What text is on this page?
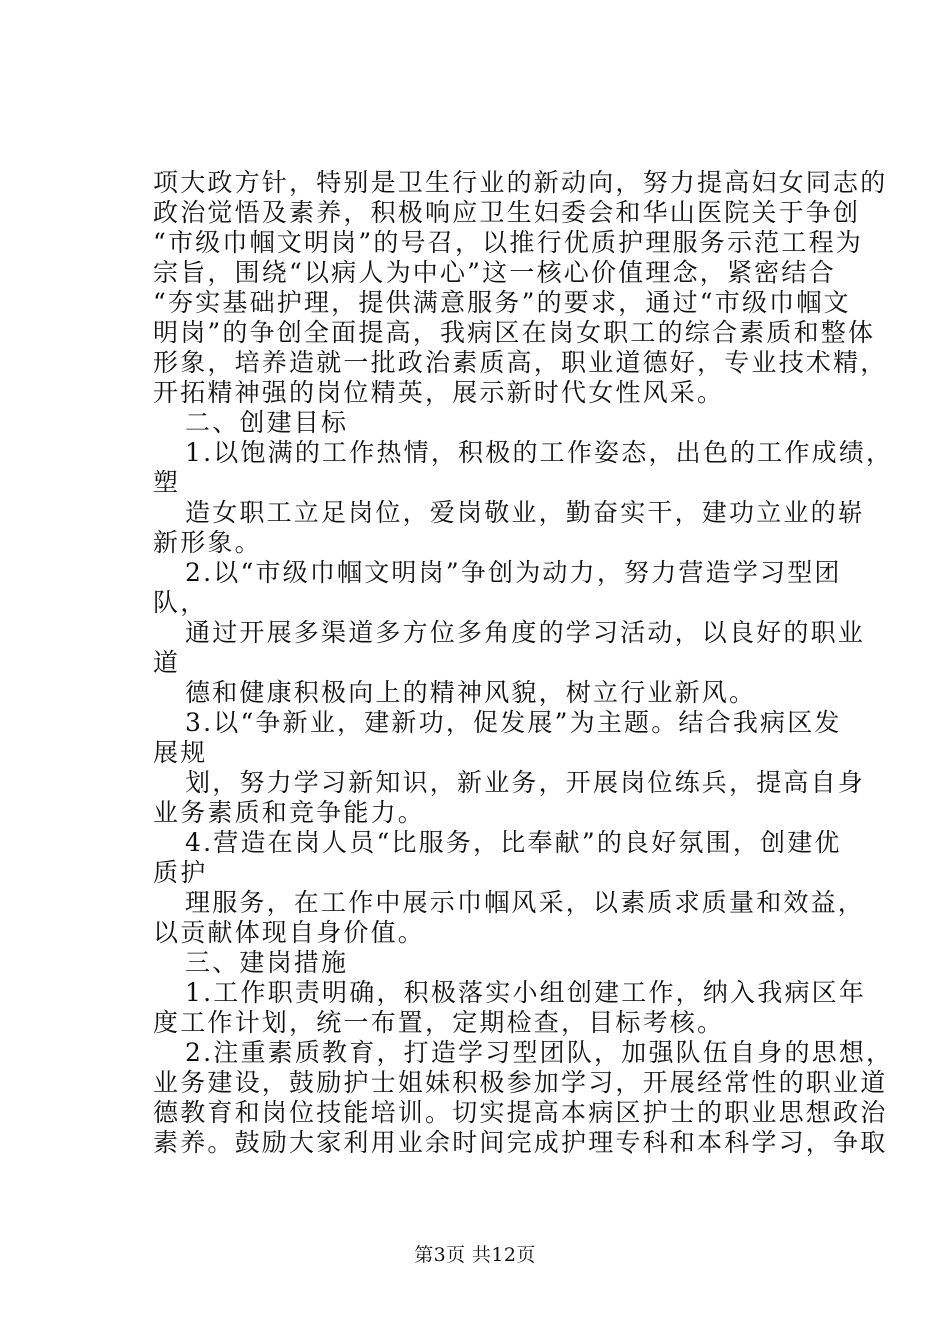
项大政方针，特别是卫生行业的新动向，努力提高妇女同志的
政治觉悟及素养，积极响应卫生妇委会和华山医院关于争创
“市级巾帼文明岗”的号召，以推行优质护理服务示范工程为
宗旨，围绕“以病人为中心”这一核心价值理念，紧密结合
“夯实基础护理，提供满意服务”的要求，通过“市级巾帼文
明岗”的争创全面提高，我病区在岗女职工的综合素质和整体
形象，培养造就一批政治素质高，职业道德好，专业技术精，
开拓精神强的岗位精英，展示新时代女性风采。
二、创建目标
1.以饱满的工作热情，积极的工作姿态，出色的工作成绩，
塑
造女职工立足岗位，爱岗敬业，勤奋实干，建功立业的崭
新形象。
2.以“市级巾帼文明岗”争创为动力，努力营造学习型团
队，
通过开展多渠道多方位多角度的学习活动，以良好的职业
道
德和健康积极向上的精神风貌，树立行业新风。
3.以“争新业，建新功，促发展”为主题。结合我病区发
展规
划，努力学习新知识，新业务，开展岗位练兵，提高自身
业务素质和竞争能力。
4.营造在岗人员“比服务，比奉献”的良好氛围，创建优
质护
理服务，在工作中展示巾帼风采，以素质求质量和效益，
以贡献体现自身价值。
三、建岗措施
1.工作职责明确，积极落实小组创建工作，纳入我病区年
度工作计划，统一布置，定期检查，目标考核。
2.注重素质教育，打造学习型团队，加强队伍自身的思想，
业务建设，鼓励护士姐妹积极参加学习，开展经常性的职业道
德教育和岗位技能培训。切实提高本病区护士的职业思想政治
素养。鼓励大家利用业余时间完成护理专科和本科学习，争取
第3页 共12页
